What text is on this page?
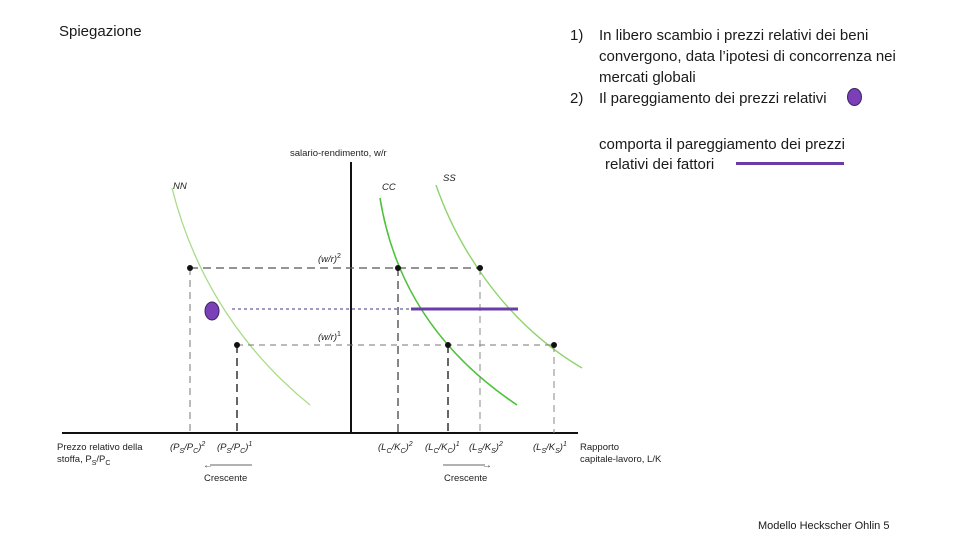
Spiegazione	1) In libero scambio i prezzi relativi dei beni convergono, data l’ipotesi di concorrenza nei mercati globali
2) Il pareggiamento dei prezzi relativi
comporta il pareggiamento dei prezzi
relativi dei fattori
salario-rendimento, w/r
NN	CC
SS
$(w/r)^2$
$(w/r)^1$
Prezzo relativo della
stoffa, $P_S/P_C$
$(P_S/P_C)^2$ $(P_S/P_C)^1$	$(L_C/K_C)^2$ $(L_C/K_C)^1$ $(L_S/K_S)^2$	$(L_S/K_S)^1$ Rapporto
capitale-lavoro, L/K
←
Crescente
→
Crescente
Modello Heckscher Ohlin 5
